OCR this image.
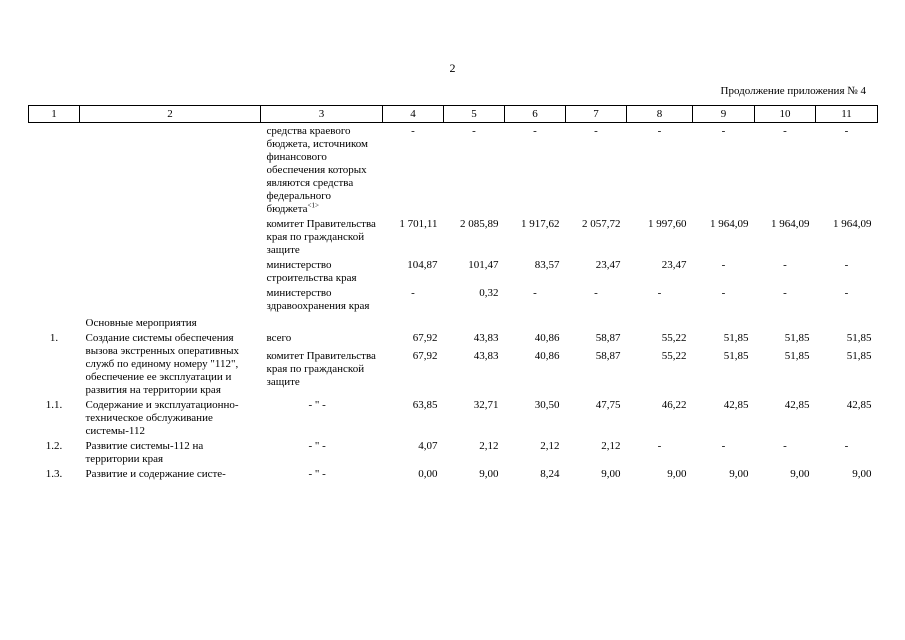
2
Продолжение приложения № 4
1	2	3	4	5	6	7	8	9	10	11
		средства краевого бюджета, источником финансового обеспечения которых являются средства федерального бюджета$^{<1>}$	-	-	-	-	-	-	-	-
		комитет Правительства края по гражданской защите	1 701,11	2 085,89	1 917,62	2 057,72	1 997,60	1 964,09	1 964,09	1 964,09
		министерство строительства края	104,87	101,47	83,57	23,47	23,47	-	-	-
		министерство здравоохранения края	-	0,32	-	-	-	-	-	-
	Основные мероприятия									
1.	Создание системы обеспечения вызова экстренных оперативных служб по единому номеру "112", обеспечение ее эксплуатации и развития на территории края	всего	67,92	43,83	40,86	58,87	55,22	51,85	51,85	51,85
		комитет Правительства края по гражданской защите	67,92	43,83	40,86	58,87	55,22	51,85	51,85	51,85
1.1.	Содержание и эксплуатационно-техническое обслуживание системы-112	- " -	63,85	32,71	30,50	47,75	46,22	42,85	42,85	42,85
1.2.	Развитие системы-112 на территории края	- " -	4,07	2,12	2,12	2,12	-	-	-	-
1.3.	Развитие и содержание систе-	- " -	0,00	9,00	8,24	9,00	9,00	9,00	9,00	9,00
